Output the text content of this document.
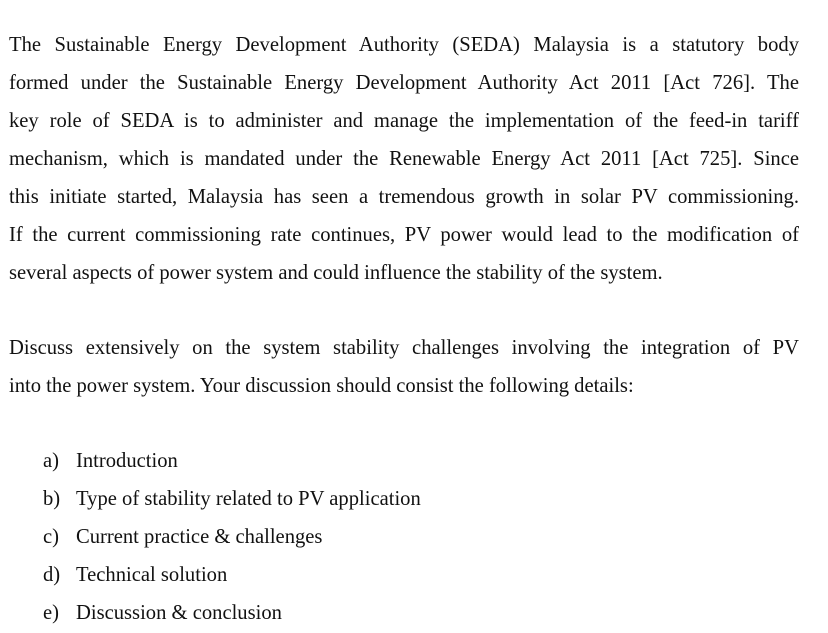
The Sustainable Energy Development Authority (SEDA) Malaysia is a statutory body
formed under the Sustainable Energy Development Authority Act 2011 [Act 726]. The
key role of SEDA is to administer and manage the implementation of the feed-in tariff
mechanism, which is mandated under the Renewable Energy Act 2011 [Act 725]. Since
this initiate started, Malaysia has seen a tremendous growth in solar PV commissioning.
If the current commissioning rate continues, PV power would lead to the modification of
several aspects of power system and could influence the stability of the system.

Discuss extensively on the system stability challenges involving the integration of PV
into the power system. Your discussion should consist the following details:

a) Introduction
b) Type of stability related to PV application
c) Current practice & challenges
d) Technical solution
e) Discussion & conclusion
